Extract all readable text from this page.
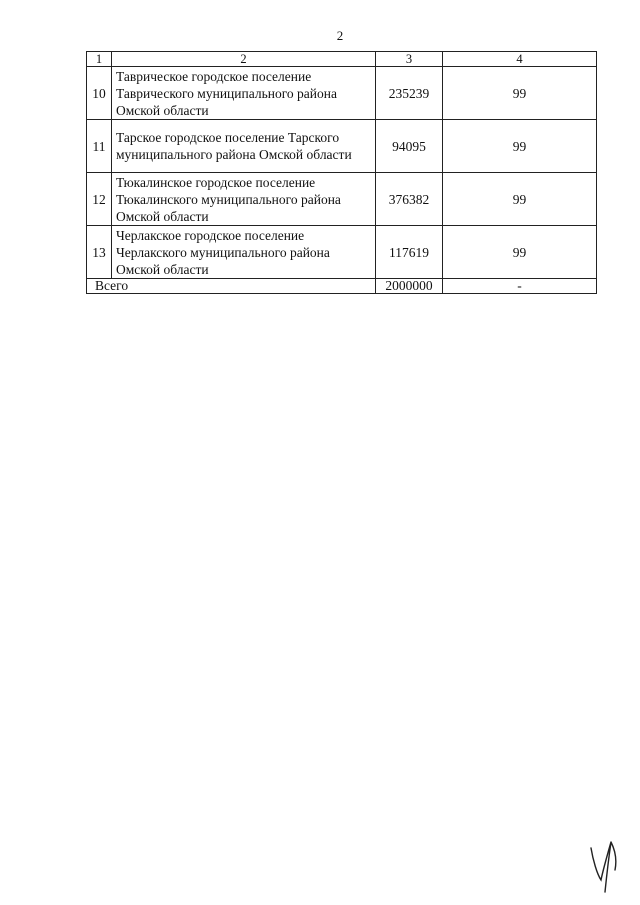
2
1	2	3	4
10	Таврическое городское поселение Таврического муниципального района Омской области	235239	99
11	Тарское городское поселение Тарского муниципального района Омской области	94095	99
12	Тюкалинское городское поселение Тюкалинского муниципального района Омской области	376382	99
13	Черлакское городское поселение Черлакского муниципального района Омской области	117619	99
Всего		2000000	-
